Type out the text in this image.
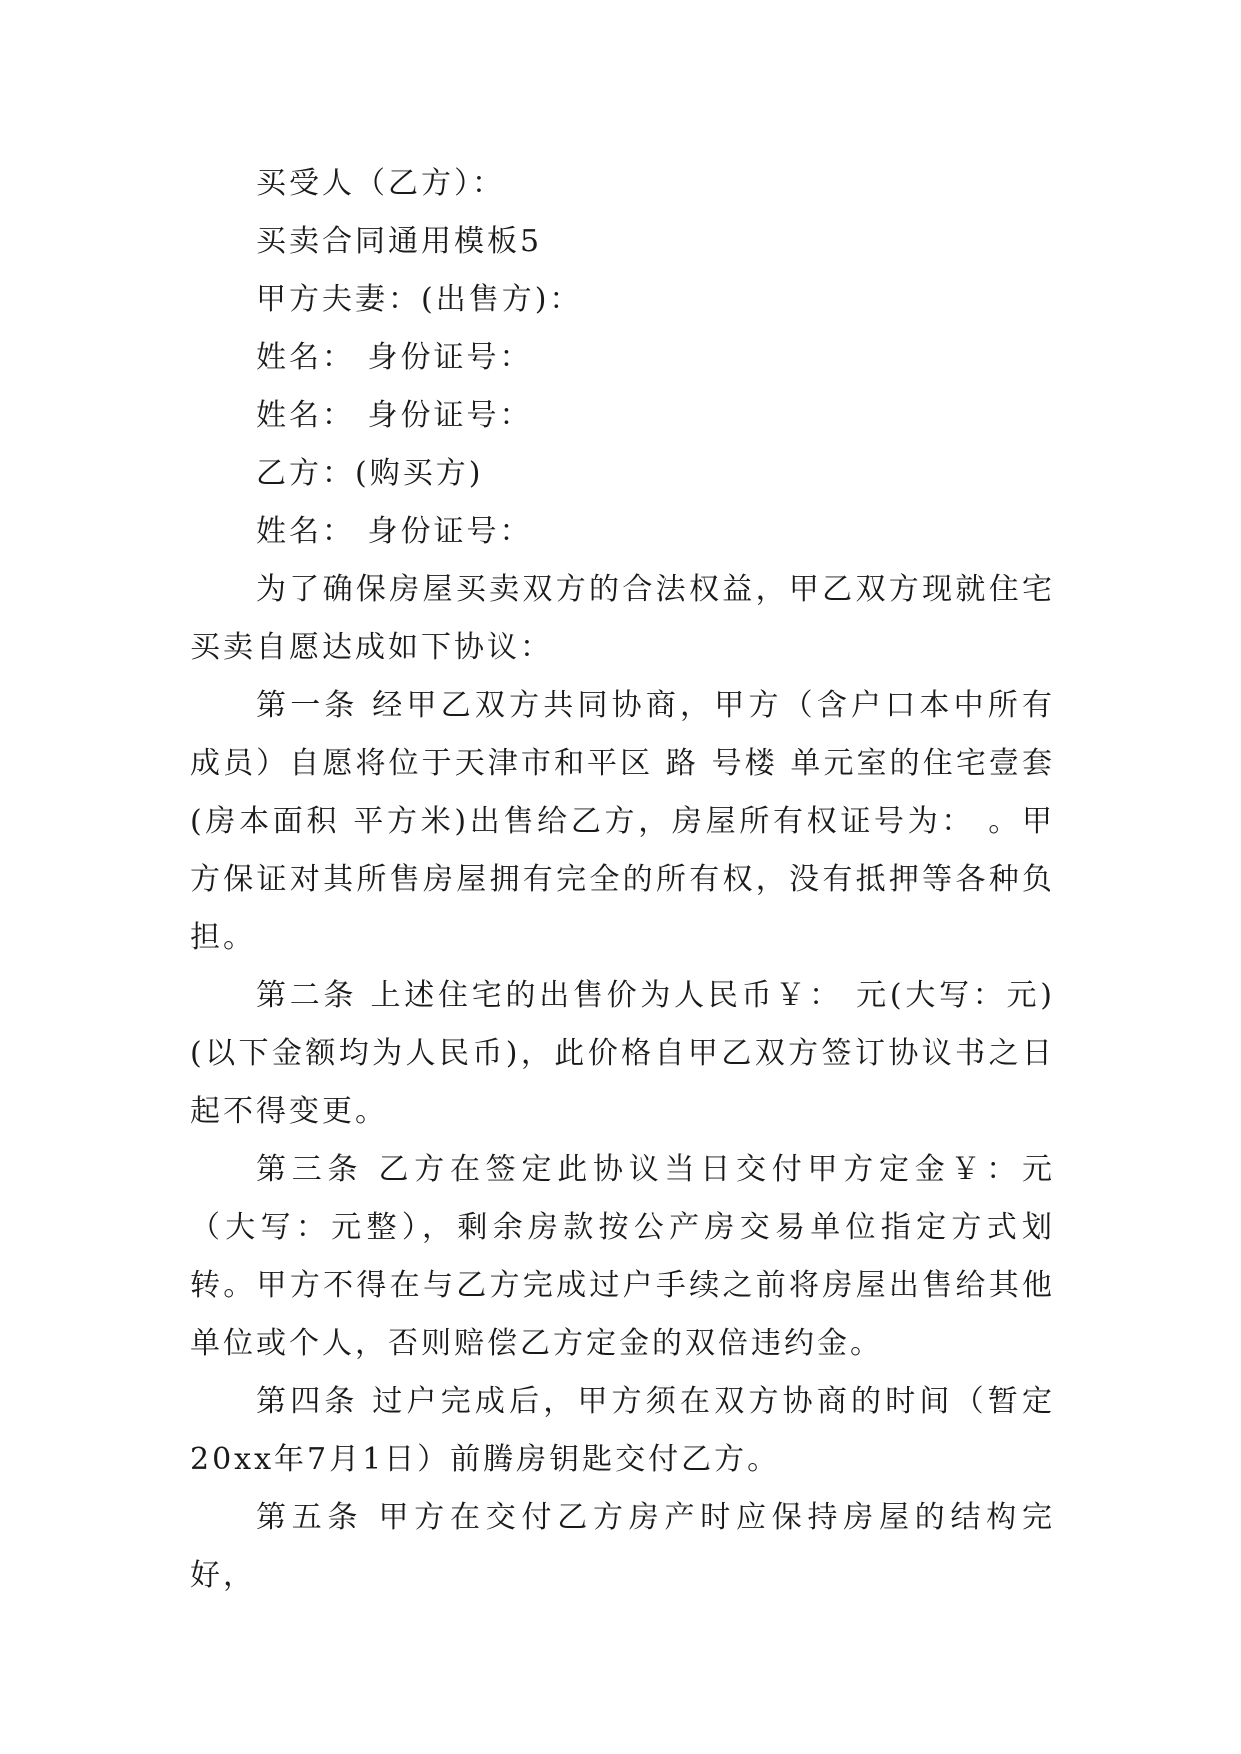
买受人（乙方）：

买卖合同通用模板5

甲方夫妻：(出售方)：

姓名： 身份证号：

姓名： 身份证号：

乙方：(购买方)

姓名： 身份证号：

为了确保房屋买卖双方的合法权益，甲乙双方现就住宅买卖自愿达成如下协议：

第一条 经甲乙双方共同协商，甲方（含户口本中所有成员）自愿将位于天津市和平区 路 号楼 单元室的住宅壹套(房本面积 平方米)出售给乙方，房屋所有权证号为： 。甲方保证对其所售房屋拥有完全的所有权，没有抵押等各种负担。

第二条 上述住宅的出售价为人民币￥： 元(大写：元)(以下金额均为人民币)，此价格自甲乙双方签订协议书之日起不得变更。

第三条 乙方在签定此协议当日交付甲方定金￥：元（大写：元整），剩余房款按公产房交易单位指定方式划转。甲方不得在与乙方完成过户手续之前将房屋出售给其他单位或个人，否则赔偿乙方定金的双倍违约金。

第四条 过户完成后，甲方须在双方协商的时间（暂定20xx年7月1日）前腾房钥匙交付乙方。

第五条 甲方在交付乙方房产时应保持房屋的结构完好，
